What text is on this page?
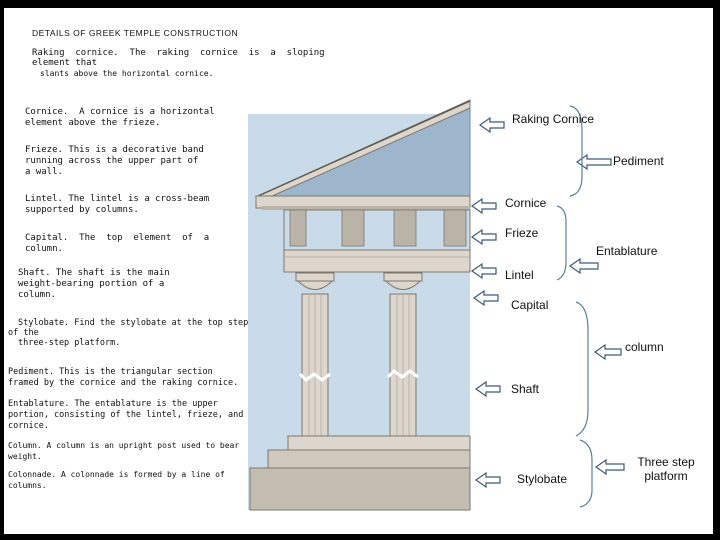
DETAILS OF GREEK TEMPLE CONSTRUCTION
Raking  cornice.  The  raking  cornice  is  a  sloping
element that
slants above the horizontal cornice.
Cornice.  A cornice is a horizontal
element above the frieze.
Frieze. This is a decorative band
running across the upper part of
a wall.
Lintel. The lintel is a cross-beam
supported by columns.
Capital.  The  top  element  of  a
column.
Shaft. The shaft is the main
weight-bearing portion of a
column.
Stylobate. Find the stylobate at the top step
of the
three-step platform.
Pediment. This is the triangular section
framed by the cornice and the raking cornice.
Entablature. The entablature is the upper
portion, consisting of the lintel, frieze, and
cornice.
Column. A column is an upright post used to bear
weight.
Colonnade. A colonnade is formed by a line of
columns.
Raking Cornice
Pediment
Cornice
Frieze
Entablature
Lintel
Capital
column
Shaft
Stylobate
Three step
platform
